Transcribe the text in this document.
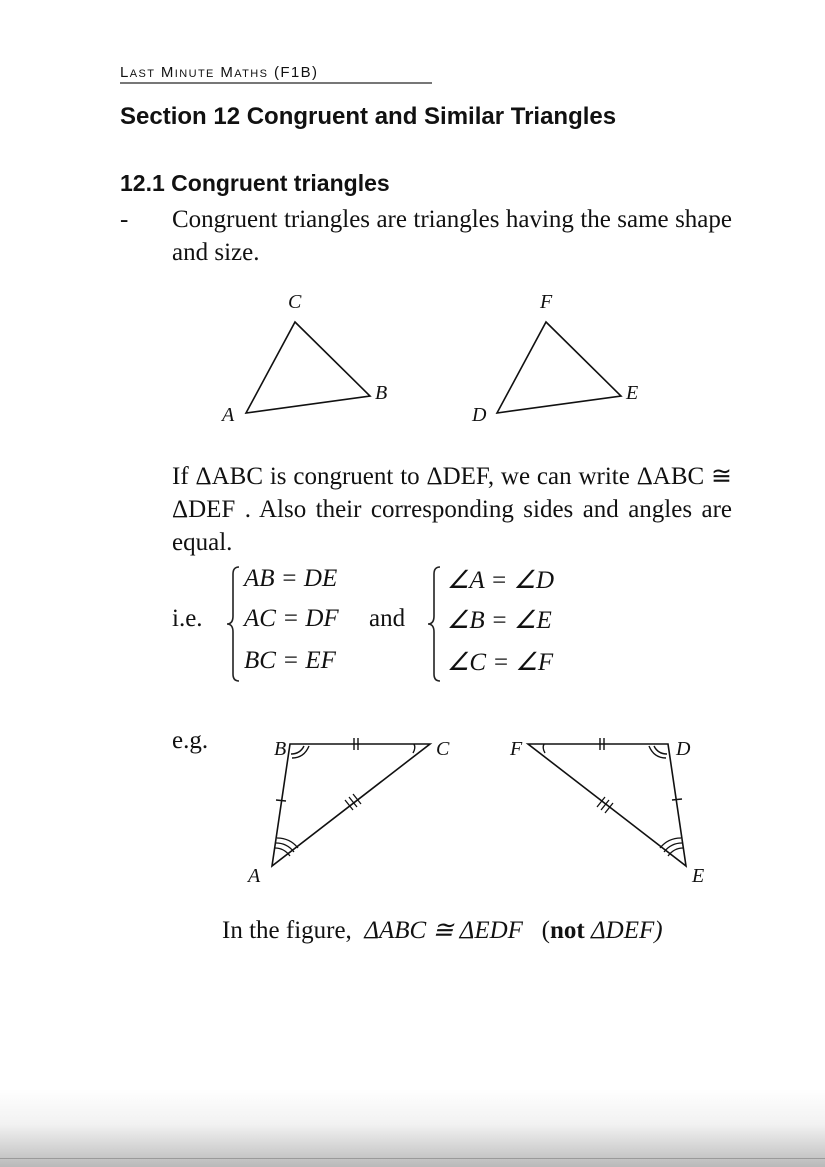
Last Minute Maths (F1B)
Section 12 Congruent and Similar Triangles
12.1 Congruent triangles
- Congruent triangles are triangles having the same shape and size.
A
B
C
D
E
F
If ΔABC is congruent to ΔDEF, we can write ΔABC ≅ ΔDEF . Also their corresponding sides and angles are equal.
i.e.
AB = DE
AC = DF
BC = EF
and
∠A = ∠D
∠B = ∠E
∠C = ∠F
e.g.
A
B	C	D
E
F
In the figure, ΔABC ≅ ΔEDF (not ΔDEF)
